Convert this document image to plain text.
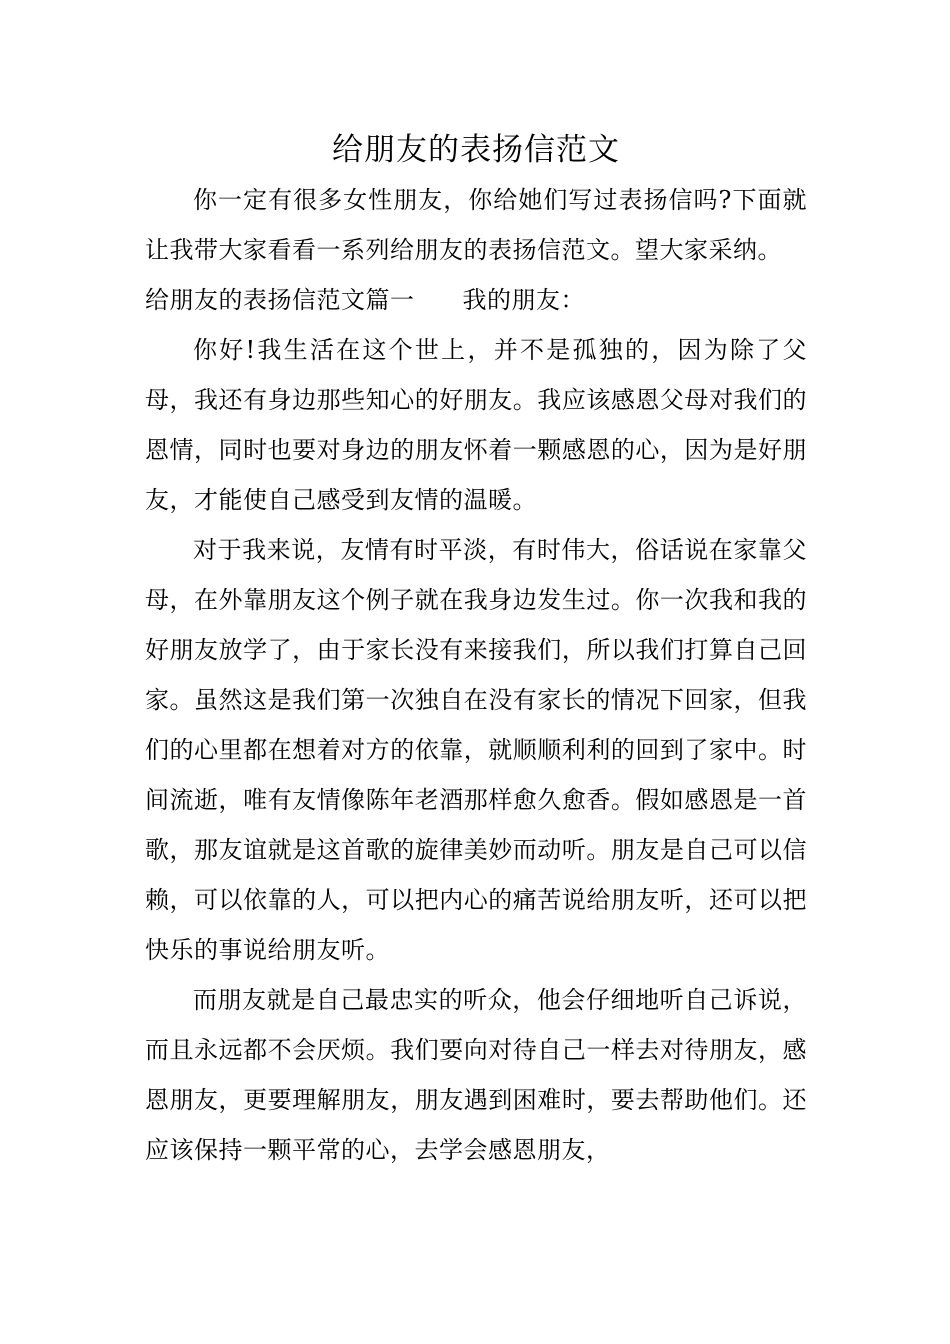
给朋友的表扬信范文

你一定有很多女性朋友，你给她们写过表扬信吗?下面就让我带大家看看一系列给朋友的表扬信范文。望大家采纳。

给朋友的表扬信范文篇一 我的朋友：

你好!我生活在这个世上，并不是孤独的，因为除了父母，我还有身边那些知心的好朋友。我应该感恩父母对我们的恩情，同时也要对身边的朋友怀着一颗感恩的心，因为是好朋友，才能使自己感受到友情的温暖。

对于我来说，友情有时平淡，有时伟大，俗话说在家靠父母，在外靠朋友这个例子就在我身边发生过。你一次我和我的好朋友放学了，由于家长没有来接我们，所以我们打算自己回家。虽然这是我们第一次独自在没有家长的情况下回家，但我们的心里都在想着对方的依靠，就顺顺利利的回到了家中。时间流逝，唯有友情像陈年老酒那样愈久愈香。假如感恩是一首歌，那友谊就是这首歌的旋律美妙而动听。朋友是自己可以信赖，可以依靠的人，可以把内心的痛苦说给朋友听，还可以把快乐的事说给朋友听。

而朋友就是自己最忠实的听众，他会仔细地听自己诉说，而且永远都不会厌烦。我们要向对待自己一样去对待朋友，感恩朋友，更要理解朋友，朋友遇到困难时，要去帮助他们。还应该保持一颗平常的心，去学会感恩朋友，
